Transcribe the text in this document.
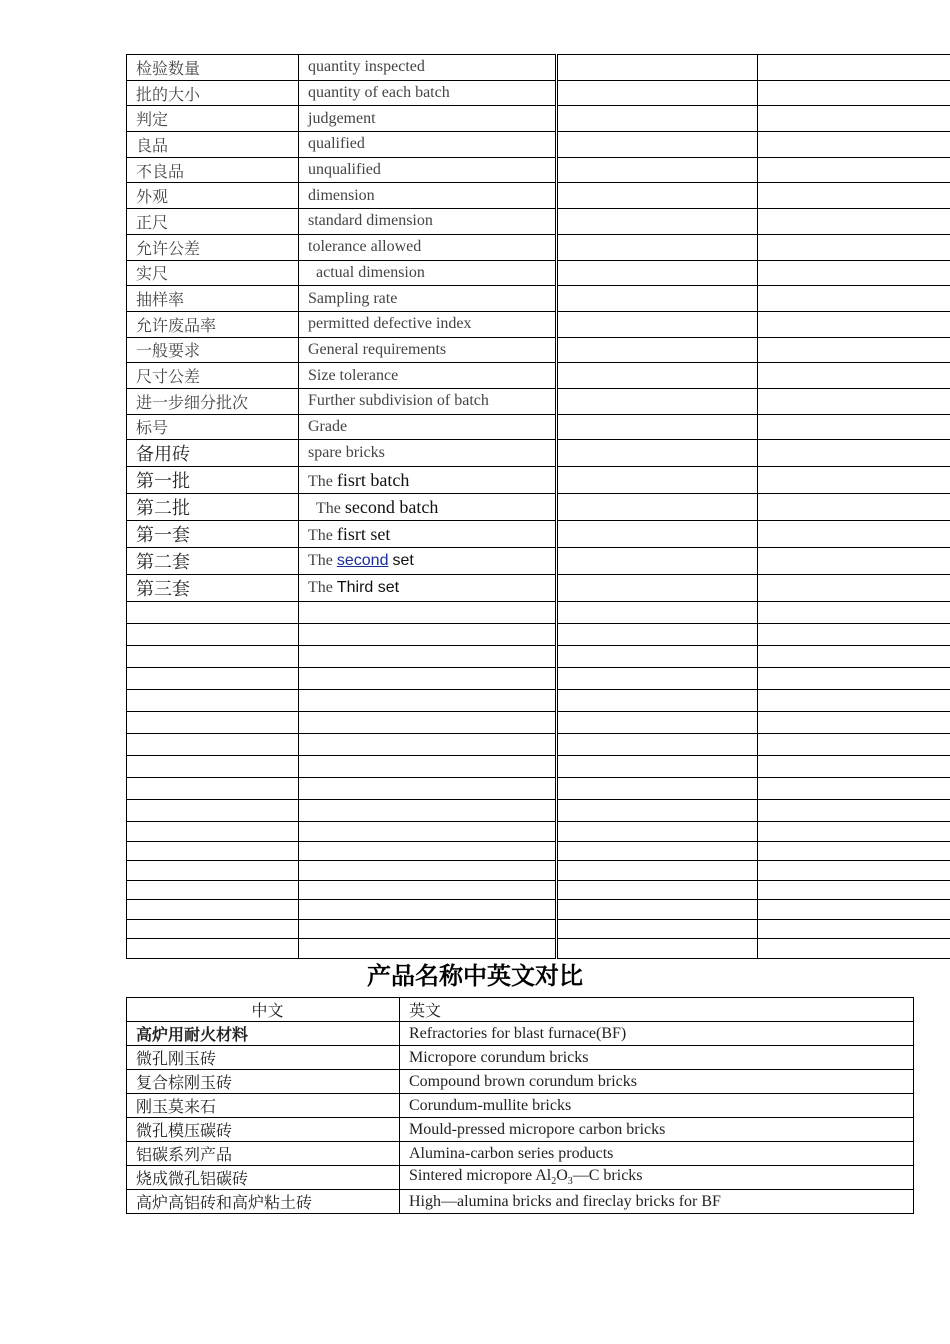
检验数量	quantity inspected		
批的大小	quantity of each batch		
判定	judgement		
良品	qualified		
不良品	unqualified		
外观	dimension		
正尺	standard dimension		
允许公差	tolerance allowed		
实尺	actual dimension		
抽样率	Sampling rate		
允许废品率	permitted defective index		
一般要求	General requirements		
尺寸公差	Size tolerance		
进一步细分批次	Further subdivision of batch		
标号	Grade		
备用砖	spare bricks		
第一批	The fisrt batch		
第二批	The second batch		
第一套	The fisrt set		
第二套	The second set		
第三套	The Third set		

产品名称中英文对比
中文	英文
高炉用耐火材料	Refractories for blast furnace(BF)
微孔刚玉砖	Micropore corundum bricks
复合棕刚玉砖	Compound brown corundum bricks
刚玉莫来石	Corundum-mullite bricks
微孔模压碳砖	Mould-pressed micropore carbon bricks
铝碳系列产品	Alumina-carbon series products
烧成微孔铝碳砖	Sintered micropore $Al_2O_3—C$ bricks
高炉高铝砖和高炉粘土砖	High—alumina bricks and fireclay bricks for BF
